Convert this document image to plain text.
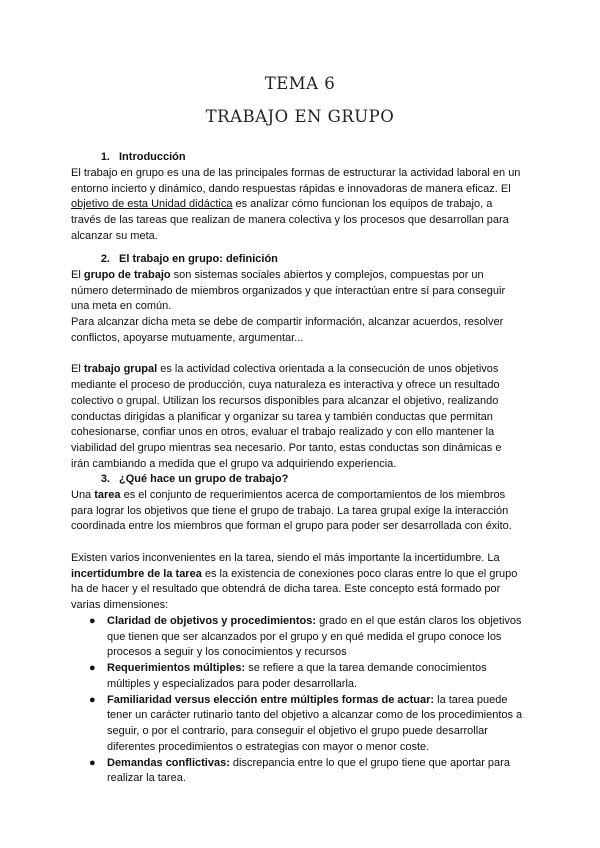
TEMA 6
TRABAJO EN GRUPO
1. Introducción
El trabajo en grupo es una de las principales formas de estructurar la actividad laboral en un
entorno incierto y dinámico, dando respuestas rápidas e innovadoras de manera eficaz. El
objetivo de esta Unidad didáctica es analizar cómo funcionan los equipos de trabajo, a
través de las tareas que realizan de manera colectiva y los procesos que desarrollan para
alcanzar su meta.
2. El trabajo en grupo: definición
El grupo de trabajo son sistemas sociales abiertos y complejos, compuestas por un
número determinado de miembros organizados y que interactúan entre sí para conseguir
una meta en común.
Para alcanzar dicha meta se debe de compartir información, alcanzar acuerdos, resolver
conflictos, apoyarse mutuamente, argumentar...
El trabajo grupal es la actividad colectiva orientada a la consecución de unos objetivos
mediante el proceso de producción, cuya naturaleza es interactiva y ofrece un resultado
colectivo o grupal. Utilizan los recursos disponibles para alcanzar el objetivo, realizando
conductas dirigidas a planificar y organizar su tarea y también conductas que permitan
cohesionarse, confiar unos en otros, evaluar el trabajo realizado y con ello mantener la
viabilidad del grupo mientras sea necesario. Por tanto, estas conductas son dinámicas e
irán cambiando a medida que el grupo va adquiriendo experiencia.
3. ¿Qué hace un grupo de trabajo?
Una tarea es el conjunto de requerimientos acerca de comportamientos de los miembros
para lograr los objetivos que tiene el grupo de trabajo. La tarea grupal exige la interacción
coordinada entre los miembros que forman el grupo para poder ser desarrollada con éxito.
Existen varios inconvenientes en la tarea, siendo el más importante la incertidumbre. La
incertidumbre de la tarea es la existencia de conexiones poco claras entre lo que el grupo
ha de hacer y el resultado que obtendrá de dicha tarea. Este concepto está formado por
varias dimensiones:
● Claridad de objetivos y procedimientos: grado en el que están claros los objetivos
que tienen que ser alcanzados por el grupo y en qué medida el grupo conoce los
procesos a seguir y los conocimientos y recursos
● Requerimientos múltiples: se refiere a que la tarea demande conocimientos
múltiples y especializados para poder desarrollarla.
● Familiaridad versus elección entre múltiples formas de actuar: la tarea puede
tener un carácter rutinario tanto del objetivo a alcanzar como de los procedimientos a
seguir, o por el contrario, para conseguir el objetivo el grupo puede desarrollar
diferentes procedimientos o estrategias con mayor o menor coste.
● Demandas conflictivas: discrepancia entre lo que el grupo tiene que aportar para
realizar la tarea.
